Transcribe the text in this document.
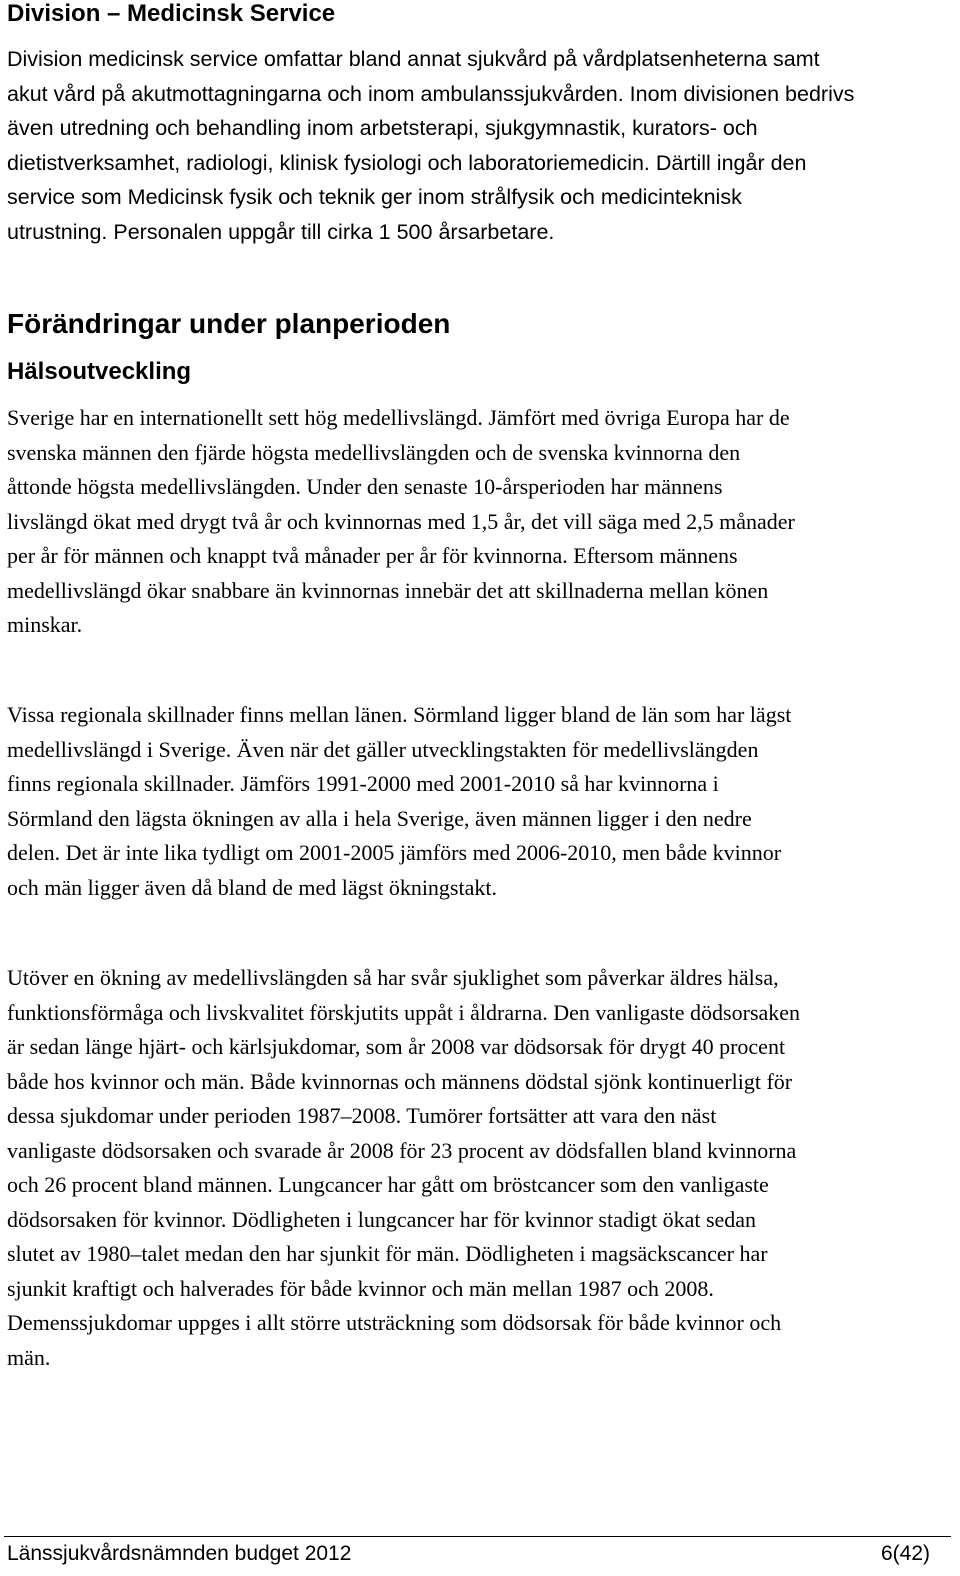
Division – Medicinsk Service
Division medicinsk service omfattar bland annat sjukvård på vårdplatsenheterna samt
akut vård på akutmottagningarna och inom ambulanssjukvården. Inom divisionen bedrivs
även utredning och behandling inom arbetsterapi, sjukgymnastik, kurators- och
dietistverksamhet, radiologi, klinisk fysiologi och laboratoriemedicin. Därtill ingår den
service som Medicinsk fysik och teknik ger inom strålfysik och medicinteknisk
utrustning. Personalen uppgår till cirka 1 500 årsarbetare.
Förändringar under planperioden
Hälsoutveckling
Sverige har en internationellt sett hög medellivslängd. Jämfört med övriga Europa har de
svenska männen den fjärde högsta medellivslängden och de svenska kvinnorna den
åttonde högsta medellivslängden. Under den senaste 10-årsperioden har männens
livslängd ökat med drygt två år och kvinnornas med 1,5 år, det vill säga med 2,5 månader
per år för männen och knappt två månader per år för kvinnorna. Eftersom männens
medellivslängd ökar snabbare än kvinnornas innebär det att skillnaderna mellan könen
minskar.
Vissa regionala skillnader finns mellan länen. Sörmland ligger bland de län som har lägst
medellivslängd i Sverige. Även när det gäller utvecklingstakten för medellivslängden
finns regionala skillnader. Jämförs 1991-2000 med 2001-2010 så har kvinnorna i
Sörmland den lägsta ökningen av alla i hela Sverige, även männen ligger i den nedre
delen. Det är inte lika tydligt om 2001-2005 jämförs med 2006-2010, men både kvinnor
och män ligger även då bland de med lägst ökningstakt.
Utöver en ökning av medellivslängden så har svår sjuklighet som påverkar äldres hälsa,
funktionsförmåga och livskvalitet förskjutits uppåt i åldrarna. Den vanligaste dödsorsaken
är sedan länge hjärt- och kärlsjukdomar, som år 2008 var dödsorsak för drygt 40 procent
både hos kvinnor och män. Både kvinnornas och männens dödstal sjönk kontinuerligt för
dessa sjukdomar under perioden 1987–2008. Tumörer fortsätter att vara den näst
vanligaste dödsorsaken och svarade år 2008 för 23 procent av dödsfallen bland kvinnorna
och 26 procent bland männen. Lungcancer har gått om bröstcancer som den vanligaste
dödsorsaken för kvinnor. Dödligheten i lungcancer har för kvinnor stadigt ökat sedan
slutet av 1980–talet medan den har sjunkit för män. Dödligheten i magsäckscancer har
sjunkit kraftigt och halverades för både kvinnor och män mellan 1987 och 2008.
Demenssjukdomar uppges i allt större utsträckning som dödsorsak för både kvinnor och
män.
Länssjukvårdsnämnden budget 2012	6(42)
